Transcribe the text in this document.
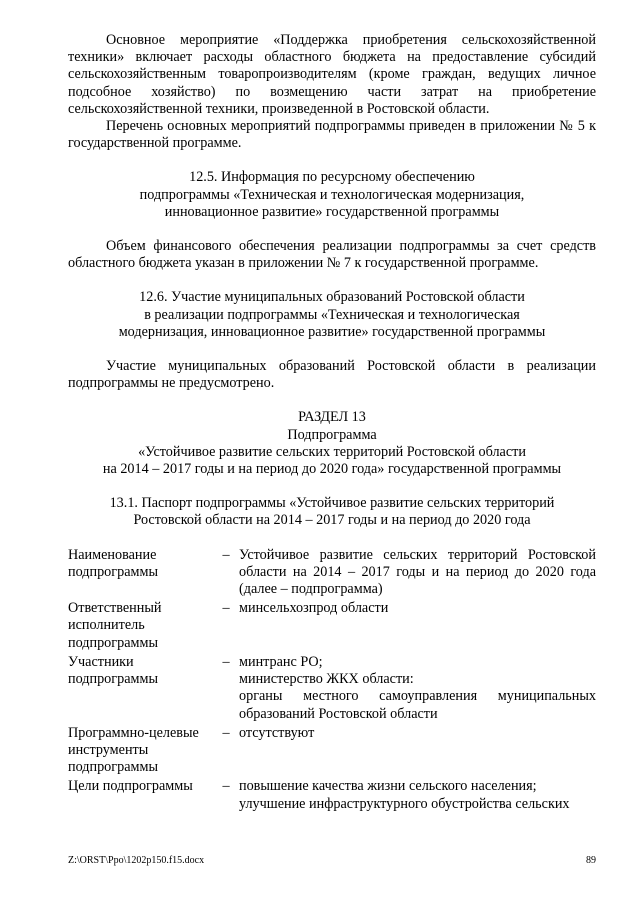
Основное мероприятие «Поддержка приобретения сельскохозяйственной техники» включает расходы областного бюджета на предоставление субсидий сельскохозяйственным товаропроизводителям (кроме граждан, ведущих личное подсобное хозяйство) по возмещению части затрат на приобретение сельскохозяйственной техники, произведенной в Ростовской области.

Перечень основных мероприятий подпрограммы приведен в приложении № 5 к государственной программе.

12.5. Информация по ресурсному обеспечению

подпрограммы «Техническая и технологическая модернизация,

инновационное развитие» государственной программы

Объем финансового обеспечения реализации подпрограммы за счет средств областного бюджета указан в приложении № 7 к государственной программе.

12.6. Участие муниципальных образований Ростовской области

в реализации подпрограммы «Техническая и технологическая

модернизация, инновационное развитие» государственной программы

Участие муниципальных образований Ростовской области в реализации подпрограммы не предусмотрено.

РАЗДЕЛ 13

Подпрограмма

«Устойчивое развитие сельских территорий Ростовской области

на 2014 – 2017 годы и на период до 2020 года» государственной программы

13.1. Паспорт подпрограммы «Устойчивое развитие сельских территорий

Ростовской области на 2014 – 2017 годы и на период до 2020 года

Наименование подпрограммы	–	Устойчивое развитие сельских территорий Ростовской области на 2014 – 2017 годы и на период до 2020 года (далее – подпрограмма)
Ответственный исполнитель подпрограммы	–	минсельхозпрод области
Участники подпрограммы	–	минтранс РО;
министерство ЖКХ области:
органы местного самоуправления муниципальных образований Ростовской области

Программно-целевые инструменты подпрограммы	–	отсутствуют
Цели подпрограммы	–	повышение качества жизни сельского населения;
улучшение инфраструктурного обустройства сельских
Z:\ORST\Ppo\1202p150.f15.docx	89
